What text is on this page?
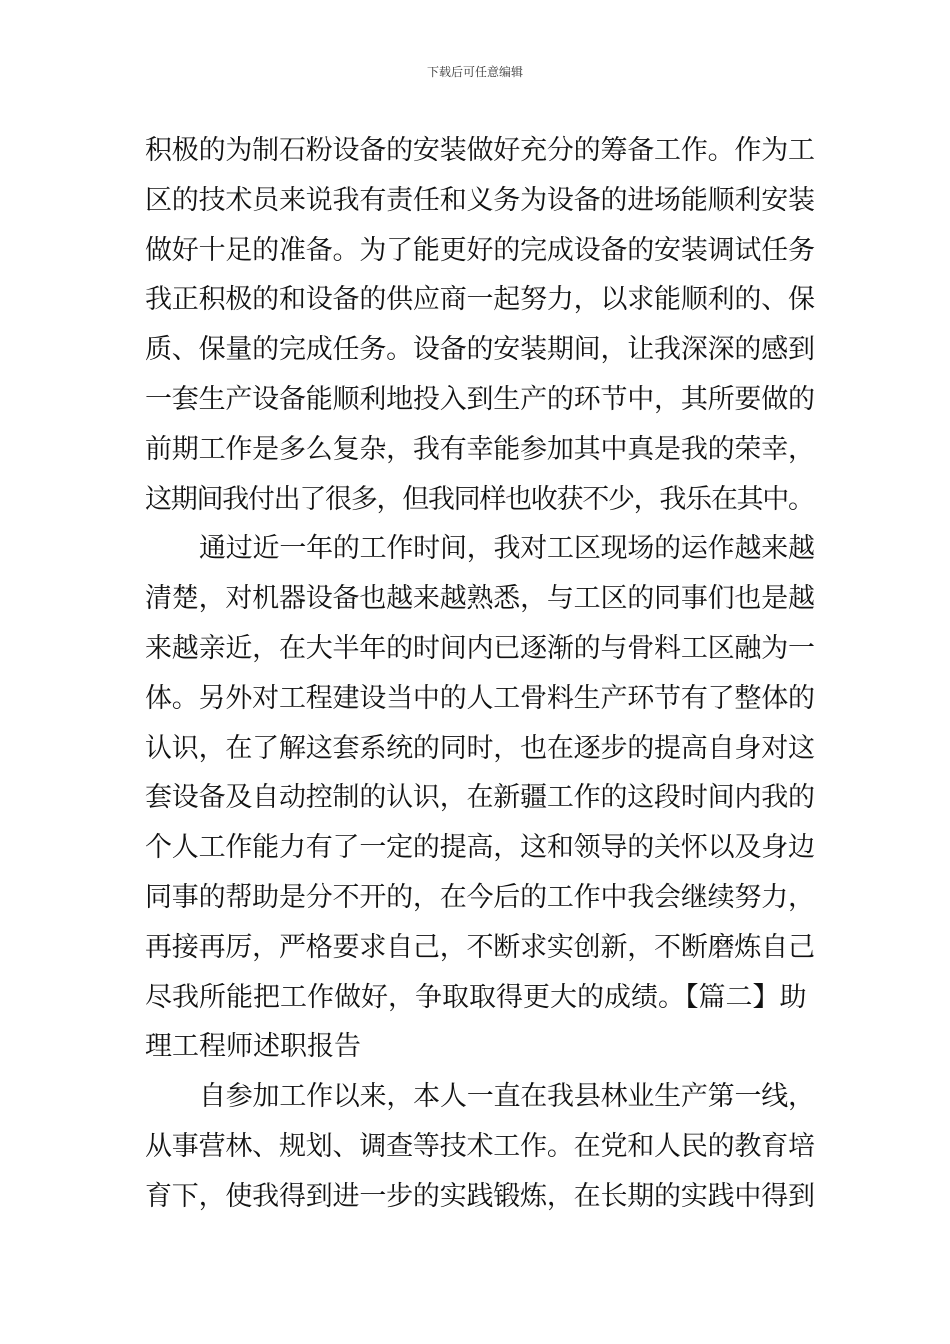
下载后可任意编辑
积极的为制石粉设备的安装做好充分的筹备工作。作为工
区的技术员来说我有责任和义务为设备的进场能顺利安装
做好十足的准备。为了能更好的完成设备的安装调试任务
我正积极的和设备的供应商一起努力，以求能顺利的、保
质、保量的完成任务。设备的安装期间，让我深深的感到
一套生产设备能顺利地投入到生产的环节中，其所要做的
前期工作是多么复杂，我有幸能参加其中真是我的荣幸，
这期间我付出了很多，但我同样也收获不少，我乐在其中。
通过近一年的工作时间，我对工区现场的运作越来越
清楚，对机器设备也越来越熟悉，与工区的同事们也是越
来越亲近，在大半年的时间内已逐渐的与骨料工区融为一
体。另外对工程建设当中的人工骨料生产环节有了整体的
认识，在了解这套系统的同时，也在逐步的提高自身对这
套设备及自动控制的认识，在新疆工作的这段时间内我的
个人工作能力有了一定的提高，这和领导的关怀以及身边
同事的帮助是分不开的，在今后的工作中我会继续努力，
再接再厉，严格要求自己，不断求实创新，不断磨炼自己
尽我所能把工作做好，争取取得更大的成绩。【篇二】助
理工程师述职报告
自参加工作以来，本人一直在我县林业生产第一线，
从事营林、规划、调查等技术工作。在党和人民的教育培
育下，使我得到进一步的实践锻炼，在长期的实践中得到
